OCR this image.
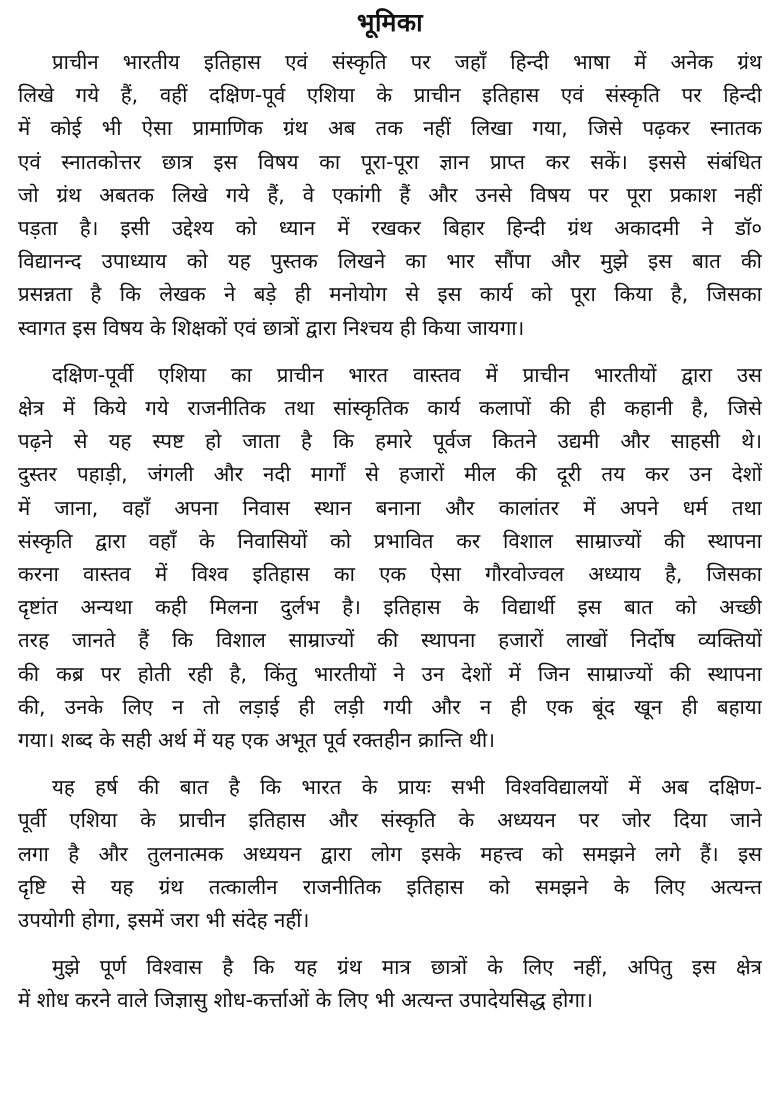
भूमिका
प्राचीन भारतीय इतिहास एवं संस्कृति पर जहाँ हिन्दी भाषा में अनेक ग्रंथ
लिखे गये हैं, वहीं दक्षिण-पूर्व एशिया के प्राचीन इतिहास एवं संस्कृति पर हिन्दी
में कोई भी ऐसा प्रामाणिक ग्रंथ अब तक नहीं लिखा गया, जिसे पढ़कर स्नातक
एवं स्नातकोत्तर छात्र इस विषय का पूरा-पूरा ज्ञान प्राप्त कर सकें। इससे संबंधित
जो ग्रंथ अबतक लिखे गये हैं, वे एकांगी हैं और उनसे विषय पर पूरा प्रकाश नहीं
पड़ता है। इसी उद्देश्य को ध्यान में रखकर बिहार हिन्दी ग्रंथ अकादमी ने डॉ०
विद्यानन्द उपाध्याय को यह पुस्तक लिखने का भार सौंपा और मुझे इस बात की
प्रसन्नता है कि लेखक ने बड़े ही मनोयोग से इस कार्य को पूरा किया है, जिसका
स्वागत इस विषय के शिक्षकों एवं छात्रों द्वारा निश्चय ही किया जायगा।
दक्षिण-पूर्वी एशिया का प्राचीन भारत वास्तव में प्राचीन भारतीयों द्वारा उस
क्षेत्र में किये गये राजनीतिक तथा सांस्कृतिक कार्य कलापों की ही कहानी है, जिसे
पढ़ने से यह स्पष्ट हो जाता है कि हमारे पूर्वज कितने उद्यमी और साहसी थे।
दुस्तर पहाड़ी, जंगली और नदी मार्गों से हजारों मील की दूरी तय कर उन देशों
में जाना, वहाँ अपना निवास स्थान बनाना और कालांतर में अपने धर्म तथा
संस्कृति द्वारा वहाँ के निवासियों को प्रभावित कर विशाल साम्राज्यों की स्थापना
करना वास्तव में विश्व इतिहास का एक ऐसा गौरवोज्वल अध्याय है, जिसका
दृष्टांत अन्यथा कही मिलना दुर्लभ है। इतिहास के विद्यार्थी इस बात को अच्छी
तरह जानते हैं कि विशाल साम्राज्यों की स्थापना हजारों लाखों निर्दोष व्यक्तियों
की कब्र पर होती रही है, किंतु भारतीयों ने उन देशों में जिन साम्राज्यों की स्थापना
की, उनके लिए न तो लड़ाई ही लड़ी गयी और न ही एक बूंद खून ही बहाया
गया। शब्द के सही अर्थ में यह एक अभूत पूर्व रक्तहीन क्रान्ति थी।
यह हर्ष की बात है कि भारत के प्रायः सभी विश्वविद्यालयों में अब दक्षिण-
पूर्वी एशिया के प्राचीन इतिहास और संस्कृति के अध्ययन पर जोर दिया जाने
लगा है और तुलनात्मक अध्ययन द्वारा लोग इसके महत्त्व को समझने लगे हैं। इस
दृष्टि से यह ग्रंथ तत्कालीन राजनीतिक इतिहास को समझने के लिए अत्यन्त
उपयोगी होगा, इसमें जरा भी संदेह नहीं।
मुझे पूर्ण विश्वास है कि यह ग्रंथ मात्र छात्रों के लिए नहीं, अपितु इस क्षेत्र
में शोध करने वाले जिज्ञासु शोध-कर्त्ताओं के लिए भी अत्यन्त उपादेयसिद्ध होगा।
